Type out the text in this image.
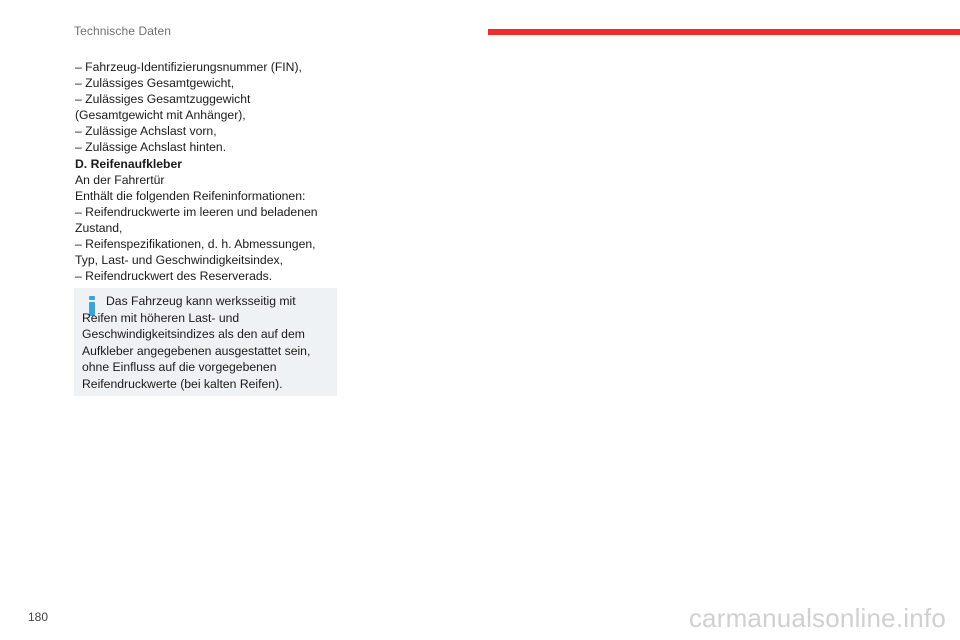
Technische Daten

– Fahrzeug-Identifizierungsnummer (FIN),

– Zulässiges Gesamtgewicht,

– Zulässiges Gesamtzuggewicht

(Gesamtgewicht mit Anhänger),

– Zulässige Achslast vorn,

– Zulässige Achslast hinten.

D. Reifenaufkleber

An der Fahrertür

Enthält die folgenden Reifeninformationen:

– Reifendruckwerte im leeren und beladenen

Zustand,

– Reifenspezifikationen, d. h. Abmessungen,

Typ, Last- und Geschwindigkeitsindex,

– Reifendruckwert des Reserverads.

Das Fahrzeug kann werksseitig mit Reifen mit höheren Last- und Geschwindigkeitsindizes als den auf dem Aufkleber angegebenen ausgestattet sein, ohne Einfluss auf die vorgegebenen Reifendruckwerte (bei kalten Reifen).
180	carmanualsonline.info
